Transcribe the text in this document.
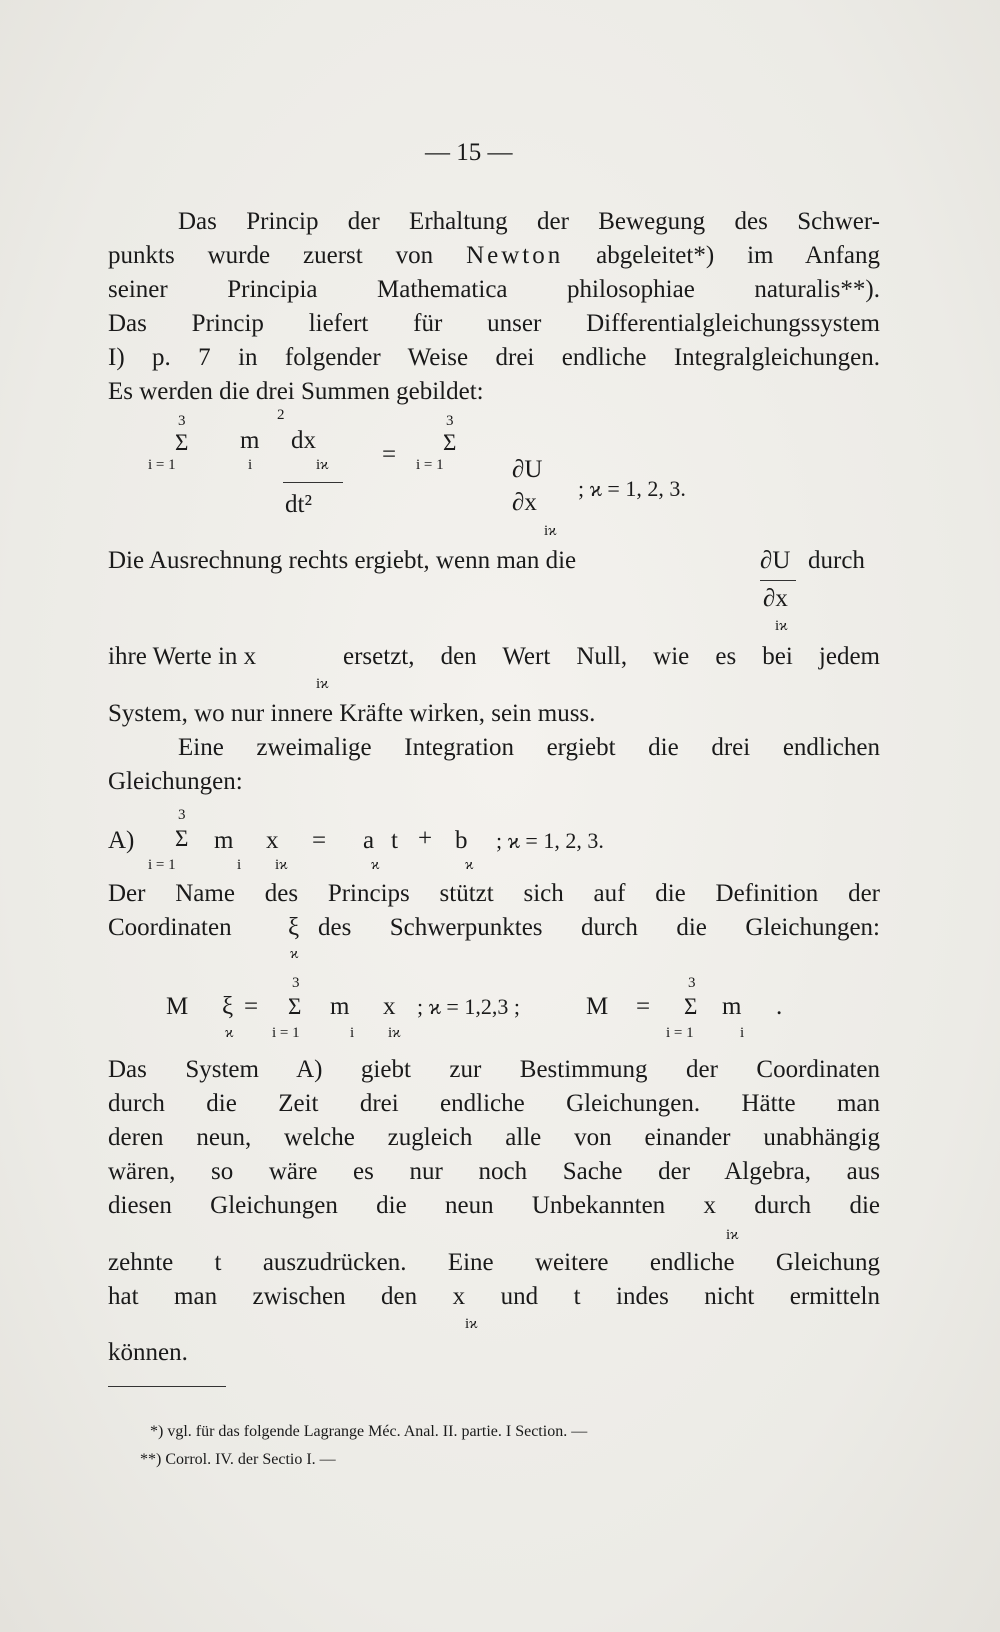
— 15 —
Das Princip der Erhaltung der Bewegung des Schwer-
punkts wurde zuerst von Newton abgeleitet*) im Anfang
seiner Principia Mathematica philosophiae naturalis**).
Das Princip liefert für unser Differentialgleichungssystem
I) p. 7 in folgender Weise drei endliche Integralgleichungen.
Es werden die drei Summen gebildet:
3
Σ
i = 1
m
i
2
dx
iϰ
dt²
=
3
Σ
i = 1	∂U
∂x
iϰ
; ϰ = 1, 2, 3.
Die Ausrechnung rechts ergiebt, wenn man die	∂U durch
∂x
iϰ
ihre Werte in x
iϰ
ersetzt, den Wert Null, wie es bei jedem
System, wo nur innere Kräfte wirken, sein muss.
Eine zweimalige Integration ergiebt die drei endlichen
Gleichungen:
A)
3
Σ
i = 1
m
i
x
iϰ
= a
ϰ
t + b
ϰ
; ϰ = 1, 2, 3.
Der Name des Princips stützt sich auf die Definition der
Coordinaten ξ
ϰ
des Schwerpunktes durch die Gleichungen:
M ξ
ϰ
=
3
Σ
i = 1
m
i
x
iϰ
; ϰ = 1,2,3 ;	M =
3
Σ
i = 1
m
i
.
Das System A) giebt zur Bestimmung der Coordinaten
durch die Zeit drei endliche Gleichungen. Hätte man
deren neun, welche zugleich alle von einander unabhängig
wären, so wäre es nur noch Sache der Algebra, aus
diesen Gleichungen die neun Unbekannten x durch die
iϰ
zehnte t auszudrücken. Eine weitere endliche Gleichung
hat man zwischen den x und t indes nicht ermitteln
iϰ
können.
*) vgl. für das folgende Lagrange Méc. Anal. II. partie. I Section. —
**) Corrol. IV. der Sectio I. —
